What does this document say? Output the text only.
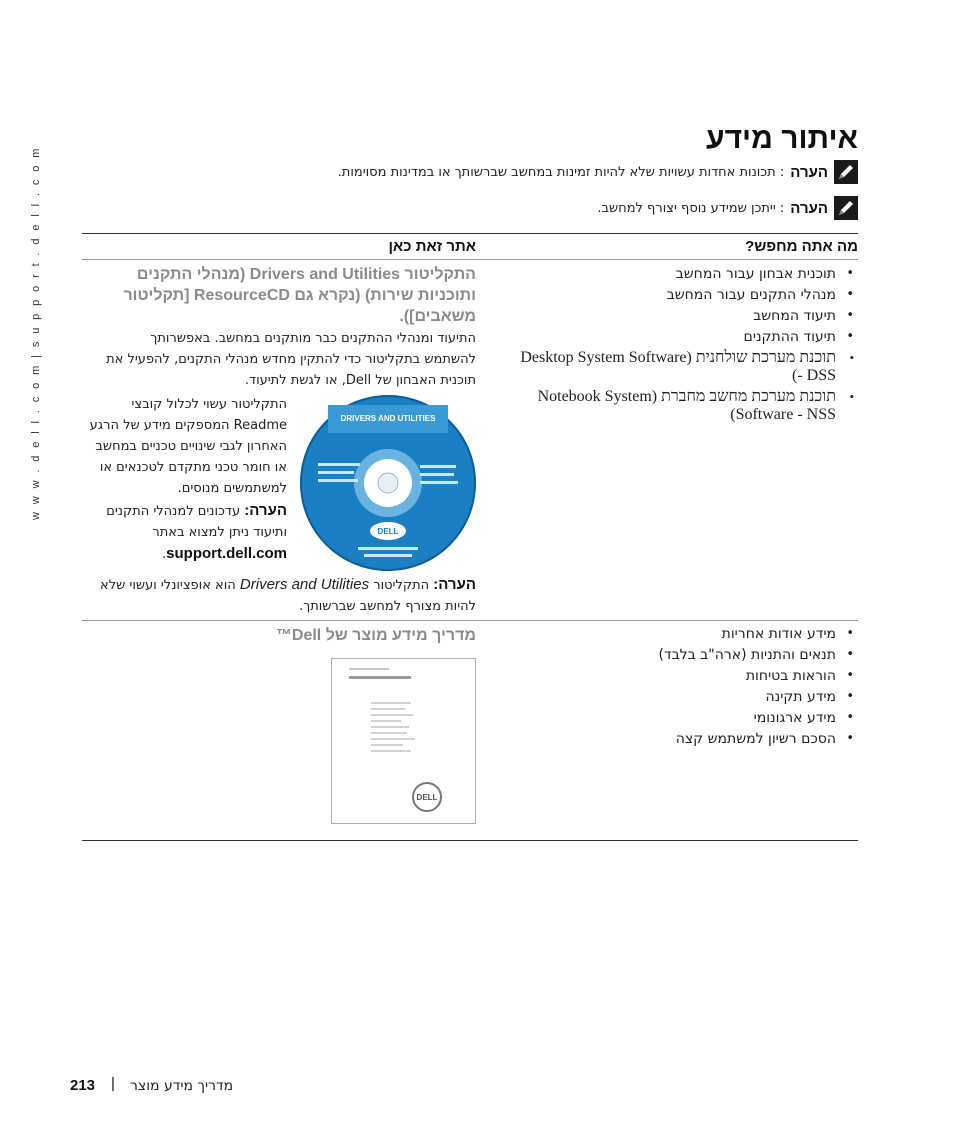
w w w . d e l l . c o m | s u p p o r t . d e l l . c o m
איתור מידע
הערה
: תכונות אחדות עשויות שלא להיות זמינות במחשב שברשותך או במדינות מסוימות.
הערה
: ייתכן שמידע נוסף יצורף למחשב.
מה אתה מחפש?
אתר זאת כאן
• תוכנית אבחון עבור המחשב
• מנהלי התקנים עבור המחשב
• תיעוד המחשב
• תיעוד ההתקנים
• תוכנת מערכת שולחנית (Desktop System Software - DSS)
• תוכנת מערכת מחשב מחברת (Notebook System Software - NSS)
התקליטור Drivers and Utilities (מנהלי התקנים ותוכניות שירות) (נקרא גם ResourceCD [תקליטור משאבים]).

התיעוד ומנהלי ההתקנים כבר מותקנים במחשב. באפשרותך להשתמש בתקליטור כדי להתקין מחדש מנהלי התקנים, להפעיל את תוכנית האבחון של Dell, או לגשת לתיעוד.

התקליטור עשוי לכלול קובצי Readme המספקים מידע של הרגע האחרון לגבי שינויים טכניים במחשב או חומר טכני מתקדם לטכנאים או למשתמשים מנוסים.

הערה: עדכונים למנהלי התקנים ותיעוד ניתן למצוא באתר support.dell.com.

DRIVERS AND UTILITIES
DELL

הערה: התקליטור Drivers and Utilities הוא אופציונלי ועשוי שלא להיות מצורף למחשב שברשותך.

• מידע אודות אחריות
• תנאים והתניות (ארה"ב בלבד)
• הוראות בטיחות
• מידע תקינה
• מידע ארגונומי
• הסכם רשיון למשתמש קצה
מדריך מידע מוצר של Dell™
DELL
213 | מדריך מידע מוצר
